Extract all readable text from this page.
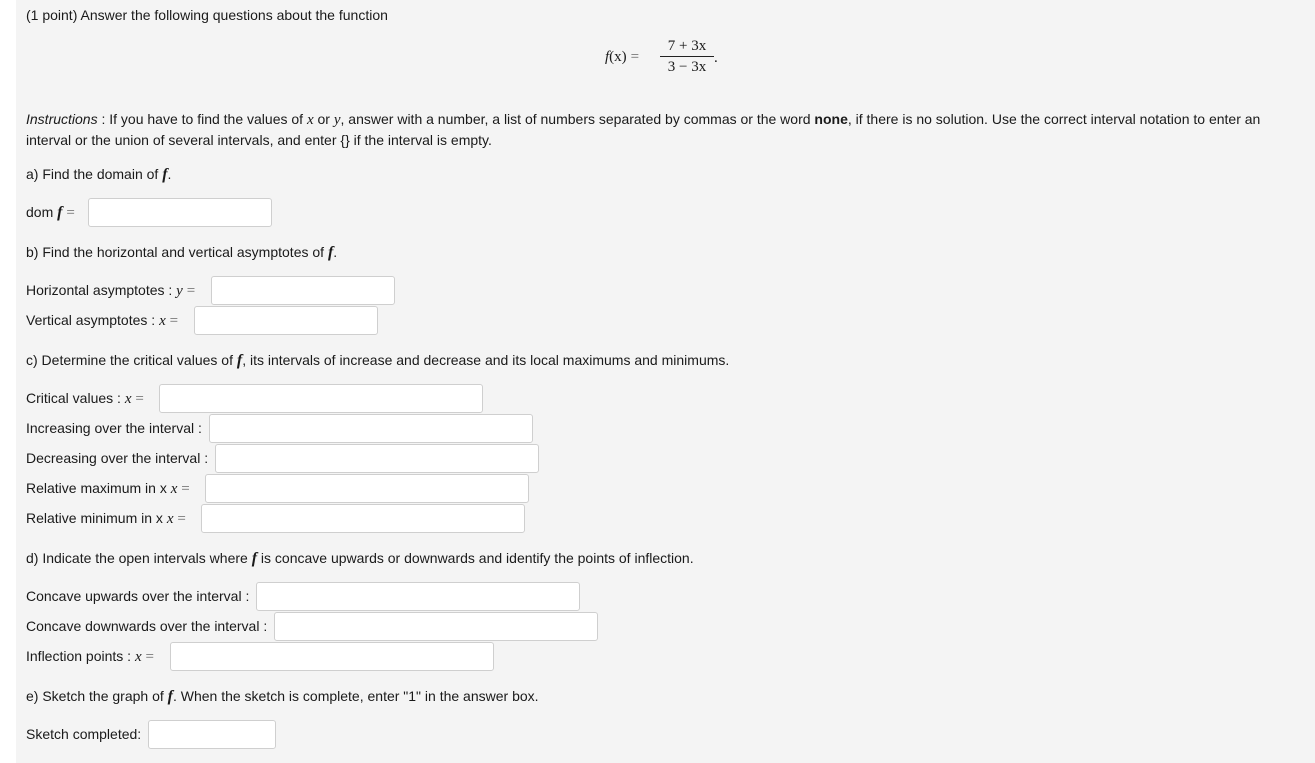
(1 point) Answer the following questions about the function
f(x) =
7 + 3x
3 − 3x
.
Instructions : If you have to find the values of x or y, answer with a number, a list of numbers separated by commas or the word none, if there is no solution. Use the correct interval notation to enter an interval or the union of several intervals, and enter {} if the interval is empty.
a) Find the domain of f.
dom f =
b) Find the horizontal and vertical asymptotes of f.
Horizontal asymptotes : y =
Vertical asymptotes : x =
c) Determine the critical values of f, its intervals of increase and decrease and its local maximums and minimums.
Critical values : x =
Increasing over the interval :
Decreasing over the interval :
Relative maximum in x x =
Relative minimum in x x =
d) Indicate the open intervals where f is concave upwards or downwards and identify the points of inflection.
Concave upwards over the interval :
Concave downwards over the interval :
Inflection points : x =
e) Sketch the graph of f. When the sketch is complete, enter "1" in the answer box.
Sketch completed:
